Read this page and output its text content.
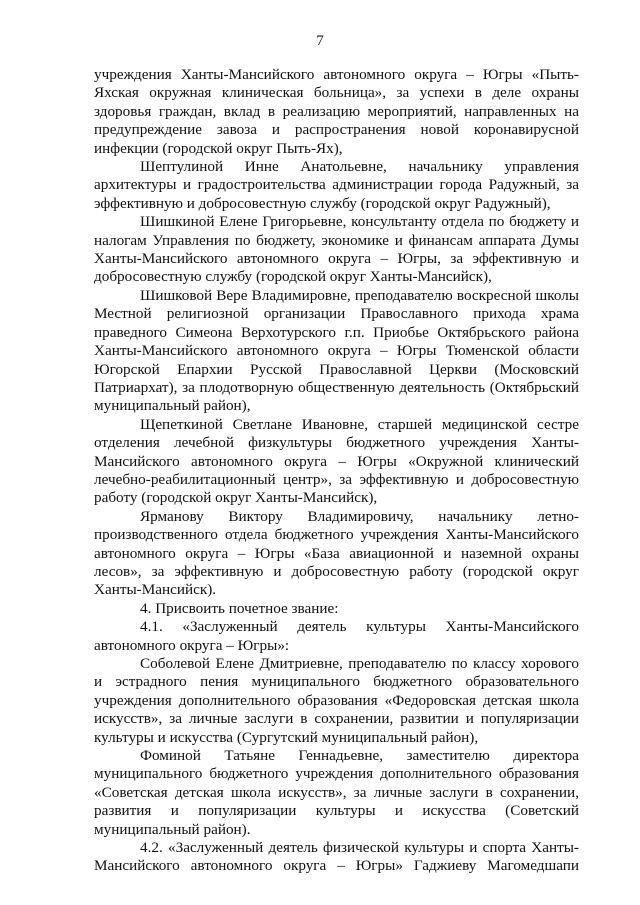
7

учреждения Ханты-Мансийского автономного округа – Югры «Пыть-Яхская окружная клиническая больница», за успехи в деле охраны здоровья граждан, вклад в реализацию мероприятий, направленных на предупреждение завоза и распространения новой коронавирусной инфекции (городской округ Пыть-Ях),

Шептулиной Инне Анатольевне, начальнику управления архитектуры и градостроительства администрации города Радужный, за эффективную и добросовестную службу (городской округ Радужный),

Шишкиной Елене Григорьевне, консультанту отдела по бюджету и налогам Управления по бюджету, экономике и финансам аппарата Думы Ханты-Мансийского автономного округа – Югры, за эффективную и добросовестную службу (городской округ Ханты-Мансийск),

Шишковой Вере Владимировне, преподавателю воскресной школы Местной религиозной организации Православного прихода храма праведного Симеона Верхотурского г.п. Приобье Октябрьского района Ханты-Мансийского автономного округа – Югры Тюменской области Югорской Епархии Русской Православной Церкви (Московский Патриархат), за плодотворную общественную деятельность (Октябрьский муниципальный район),

Щепеткиной Светлане Ивановне, старшей медицинской сестре отделения лечебной физкультуры бюджетного учреждения Ханты-Мансийского автономного округа – Югры «Окружной клинический лечебно-реабилитационный центр», за эффективную и добросовестную работу (городской округ Ханты-Мансийск),

Ярманову Виктору Владимировичу, начальнику летно-производственного отдела бюджетного учреждения Ханты-Мансийского автономного округа – Югры «База авиационной и наземной охраны лесов», за эффективную и добросовестную работу (городской округ Ханты-Мансийск).

4. Присвоить почетное звание:

4.1. «Заслуженный деятель культуры Ханты-Мансийского автономного округа – Югры»:

Соболевой Елене Дмитриевне, преподавателю по классу хорового и эстрадного пения муниципального бюджетного образовательного учреждения дополнительного образования «Федоровская детская школа искусств», за личные заслуги в сохранении, развитии и популяризации культуры и искусства (Сургутский муниципальный район),

Фоминой Татьяне Геннадьевне, заместителю директора муниципального бюджетного учреждения дополнительного образования «Советская детская школа искусств», за личные заслуги в сохранении, развития и популяризации культуры и искусства (Советский муниципальный район).

4.2. «Заслуженный деятель физической культуры и спорта Ханты-Мансийского автономного округа – Югры» Гаджиеву Магомедшапи
